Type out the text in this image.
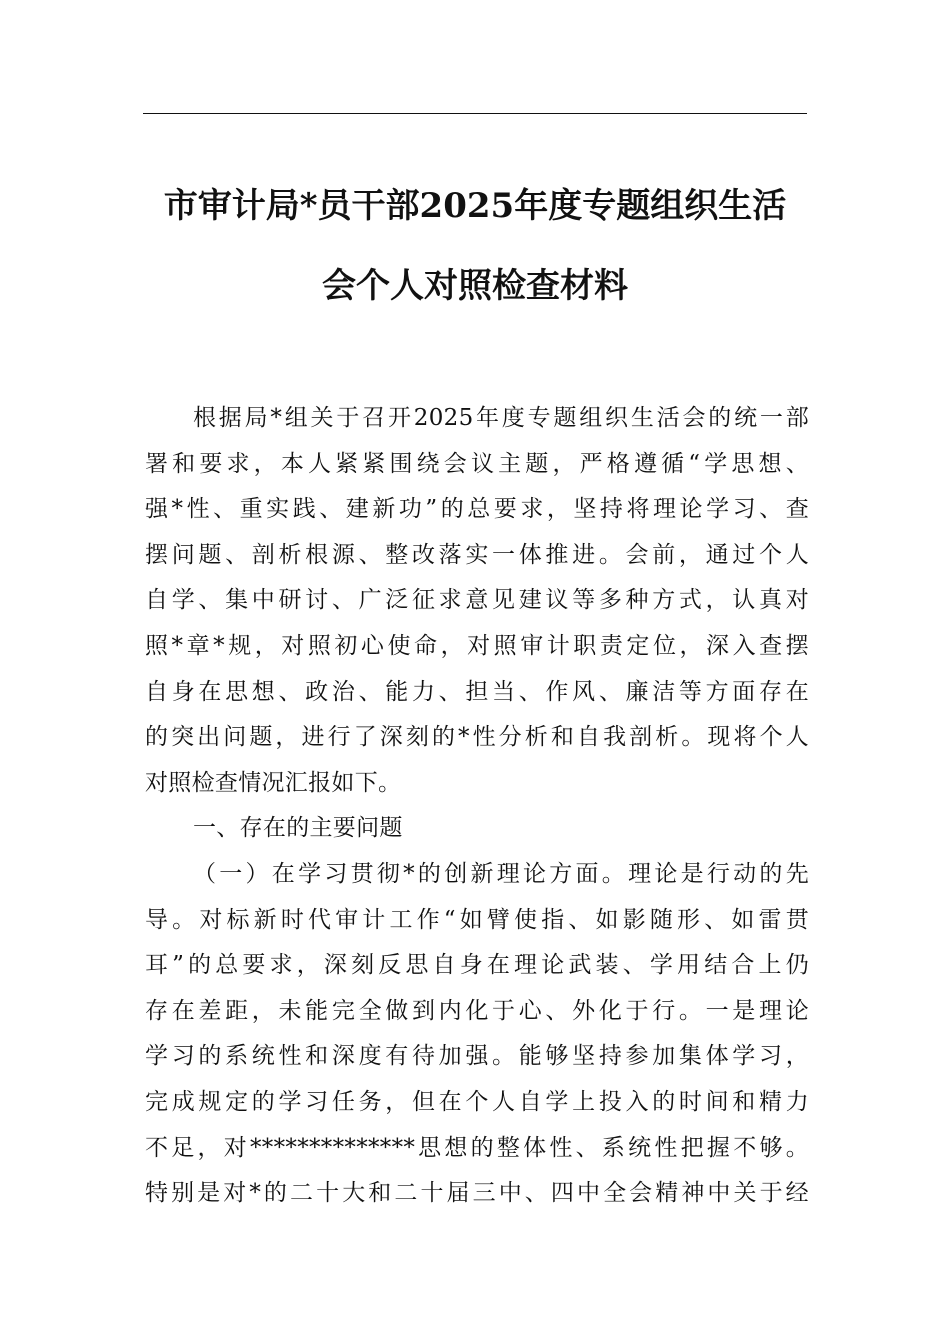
市审计局*员干部2025年度专题组织生活
会个人对照检查材料
根据局*组关于召开2025年度专题组织生活会的统一部
署和要求，本人紧紧围绕会议主题，严格遵循“学思想、
强*性、重实践、建新功”的总要求，坚持将理论学习、查
摆问题、剖析根源、整改落实一体推进。会前，通过个人
自学、集中研讨、广泛征求意见建议等多种方式，认真对
照*章*规，对照初心使命，对照审计职责定位，深入查摆
自身在思想、政治、能力、担当、作风、廉洁等方面存在
的突出问题，进行了深刻的*性分析和自我剖析。现将个人
对照检查情况汇报如下。
一、存在的主要问题
（一）在学习贯彻*的创新理论方面。理论是行动的先
导。对标新时代审计工作“如臂使指、如影随形、如雷贯
耳”的总要求，深刻反思自身在理论武装、学用结合上仍
存在差距，未能完全做到内化于心、外化于行。一是理论
学习的系统性和深度有待加强。能够坚持参加集体学习，
完成规定的学习任务，但在个人自学上投入的时间和精力
不足，对**************思想的整体性、系统性把握不够。
特别是对*的二十大和二十届三中、四中全会精神中关于经
